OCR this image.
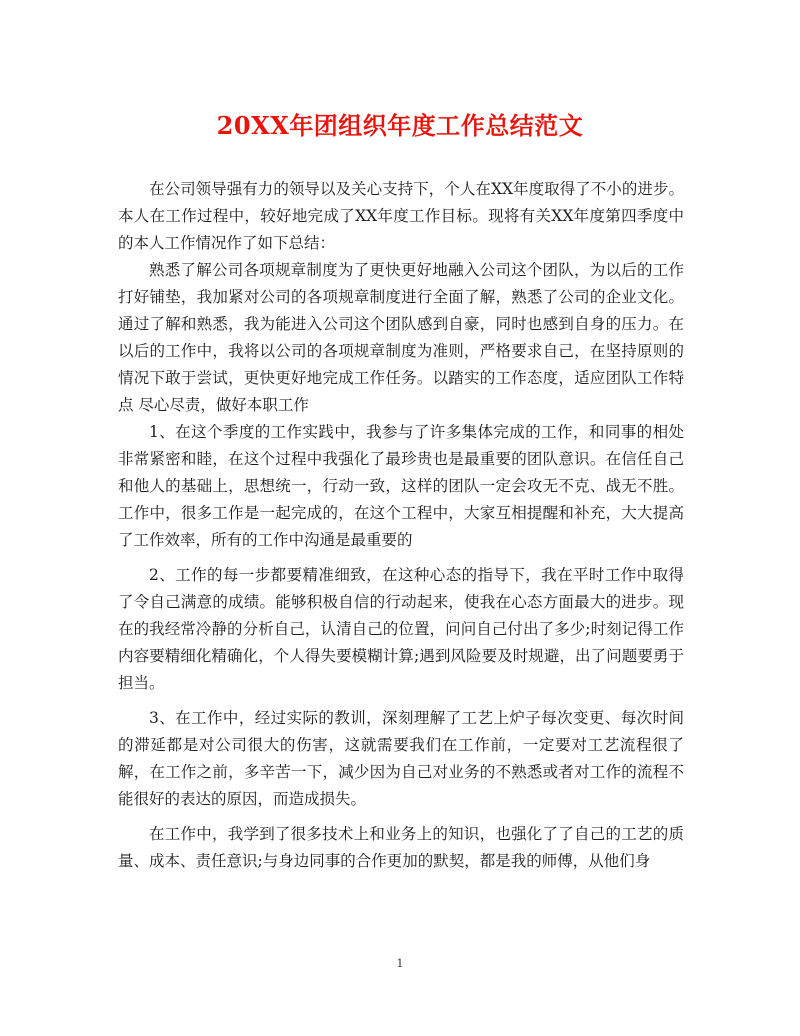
20XX年团组织年度工作总结范文

在公司领导强有力的领导以及关心支持下，个人在XX年度取得了不小的进步。本人在工作过程中，较好地完成了XX年度工作目标。现将有关XX年度第四季度中的本人工作情况作了如下总结：

熟悉了解公司各项规章制度为了更快更好地融入公司这个团队，为以后的工作打好铺垫，我加紧对公司的各项规章制度进行全面了解，熟悉了公司的企业文化。通过了解和熟悉，我为能进入公司这个团队感到自豪，同时也感到自身的压力。在以后的工作中，我将以公司的各项规章制度为准则，严格要求自己，在坚持原则的情况下敢于尝试，更快更好地完成工作任务。以踏实的工作态度，适应团队工作特点 尽心尽责，做好本职工作

1、在这个季度的工作实践中，我参与了许多集体完成的工作，和同事的相处非常紧密和睦，在这个过程中我强化了最珍贵也是最重要的团队意识。在信任自己和他人的基础上，思想统一，行动一致，这样的团队一定会攻无不克、战无不胜。工作中，很多工作是一起完成的，在这个工程中，大家互相提醒和补充，大大提高了工作效率，所有的工作中沟通是最重要的

2、工作的每一步都要精准细致，在这种心态的指导下，我在平时工作中取得了令自己满意的成绩。能够积极自信的行动起来，使我在心态方面最大的进步。现在的我经常冷静的分析自己，认清自己的位置，问问自己付出了多少;时刻记得工作内容要精细化精确化，个人得失要模糊计算;遇到风险要及时规避，出了问题要勇于担当。

3、在工作中，经过实际的教训，深刻理解了工艺上炉子每次变更、每次时间的滞延都是对公司很大的伤害，这就需要我们在工作前，一定要对工艺流程很了解，在工作之前，多辛苦一下，减少因为自己对业务的不熟悉或者对工作的流程不能很好的表达的原因，而造成损失。

在工作中，我学到了很多技术上和业务上的知识，也强化了了自己的工艺的质量、成本、责任意识;与身边同事的合作更加的默契，都是我的师傅，从他们身

1
